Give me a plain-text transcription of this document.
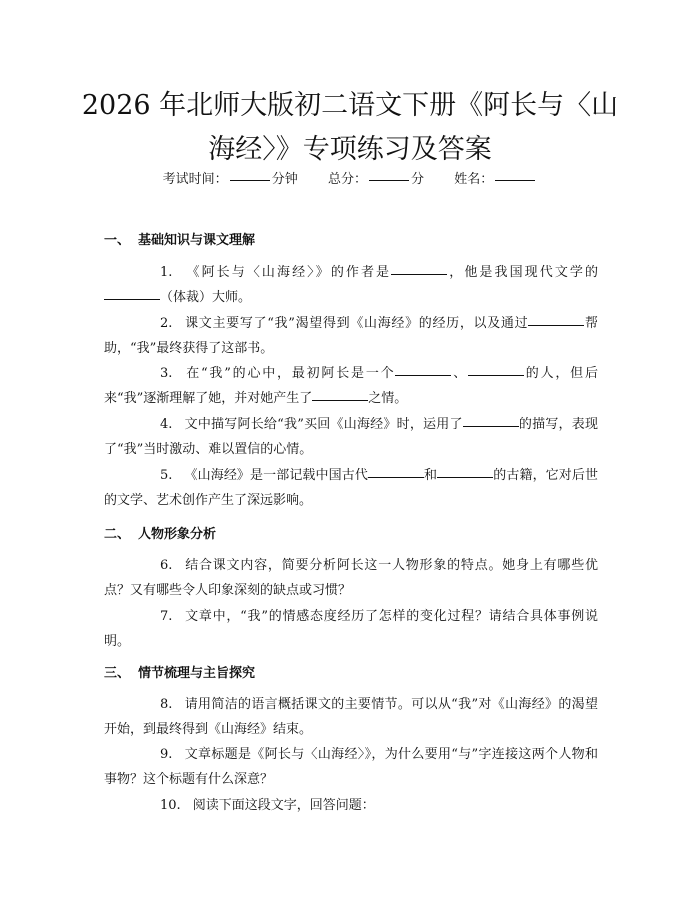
2026 年北师大版初二语文下册《阿长与〈山
海经〉》专项练习及答案
考试时间：	分钟 总分：	分 姓名：
一、 基础知识与课文理解
1. 《阿长与〈山海经〉》的作者是	，他是我国现代文学的（体裁）大师。
2. 课文主要写了“我”渴望得到《山海经》的经历，以及通过	帮助，“我”最终获得了这部书。
3. 在“我”的心中，最初阿长是一个	、	的人，但后来“我”逐渐理解了她，并对她产生了	之情。
4. 文中描写阿长给“我”买回《山海经》时，运用了	的描写，表现了“我”当时激动、难以置信的心情。
5. 《山海经》是一部记载中国古代	和	的古籍，它对后世的文学、艺术创作产生了深远影响。
二、 人物形象分析
6. 结合课文内容，简要分析阿长这一人物形象的特点。她身上有哪些优点？又有哪些令人印象深刻的缺点或习惯？
7. 文章中，“我”的情感态度经历了怎样的变化过程？请结合具体事例说明。
三、 情节梳理与主旨探究
8. 请用简洁的语言概括课文的主要情节。可以从“我”对《山海经》的渴望开始，到最终得到《山海经》结束。
9. 文章标题是《阿长与〈山海经〉》，为什么要用“与”字连接这两个人物和事物？这个标题有什么深意？
10. 阅读下面这段文字，回答问题：
